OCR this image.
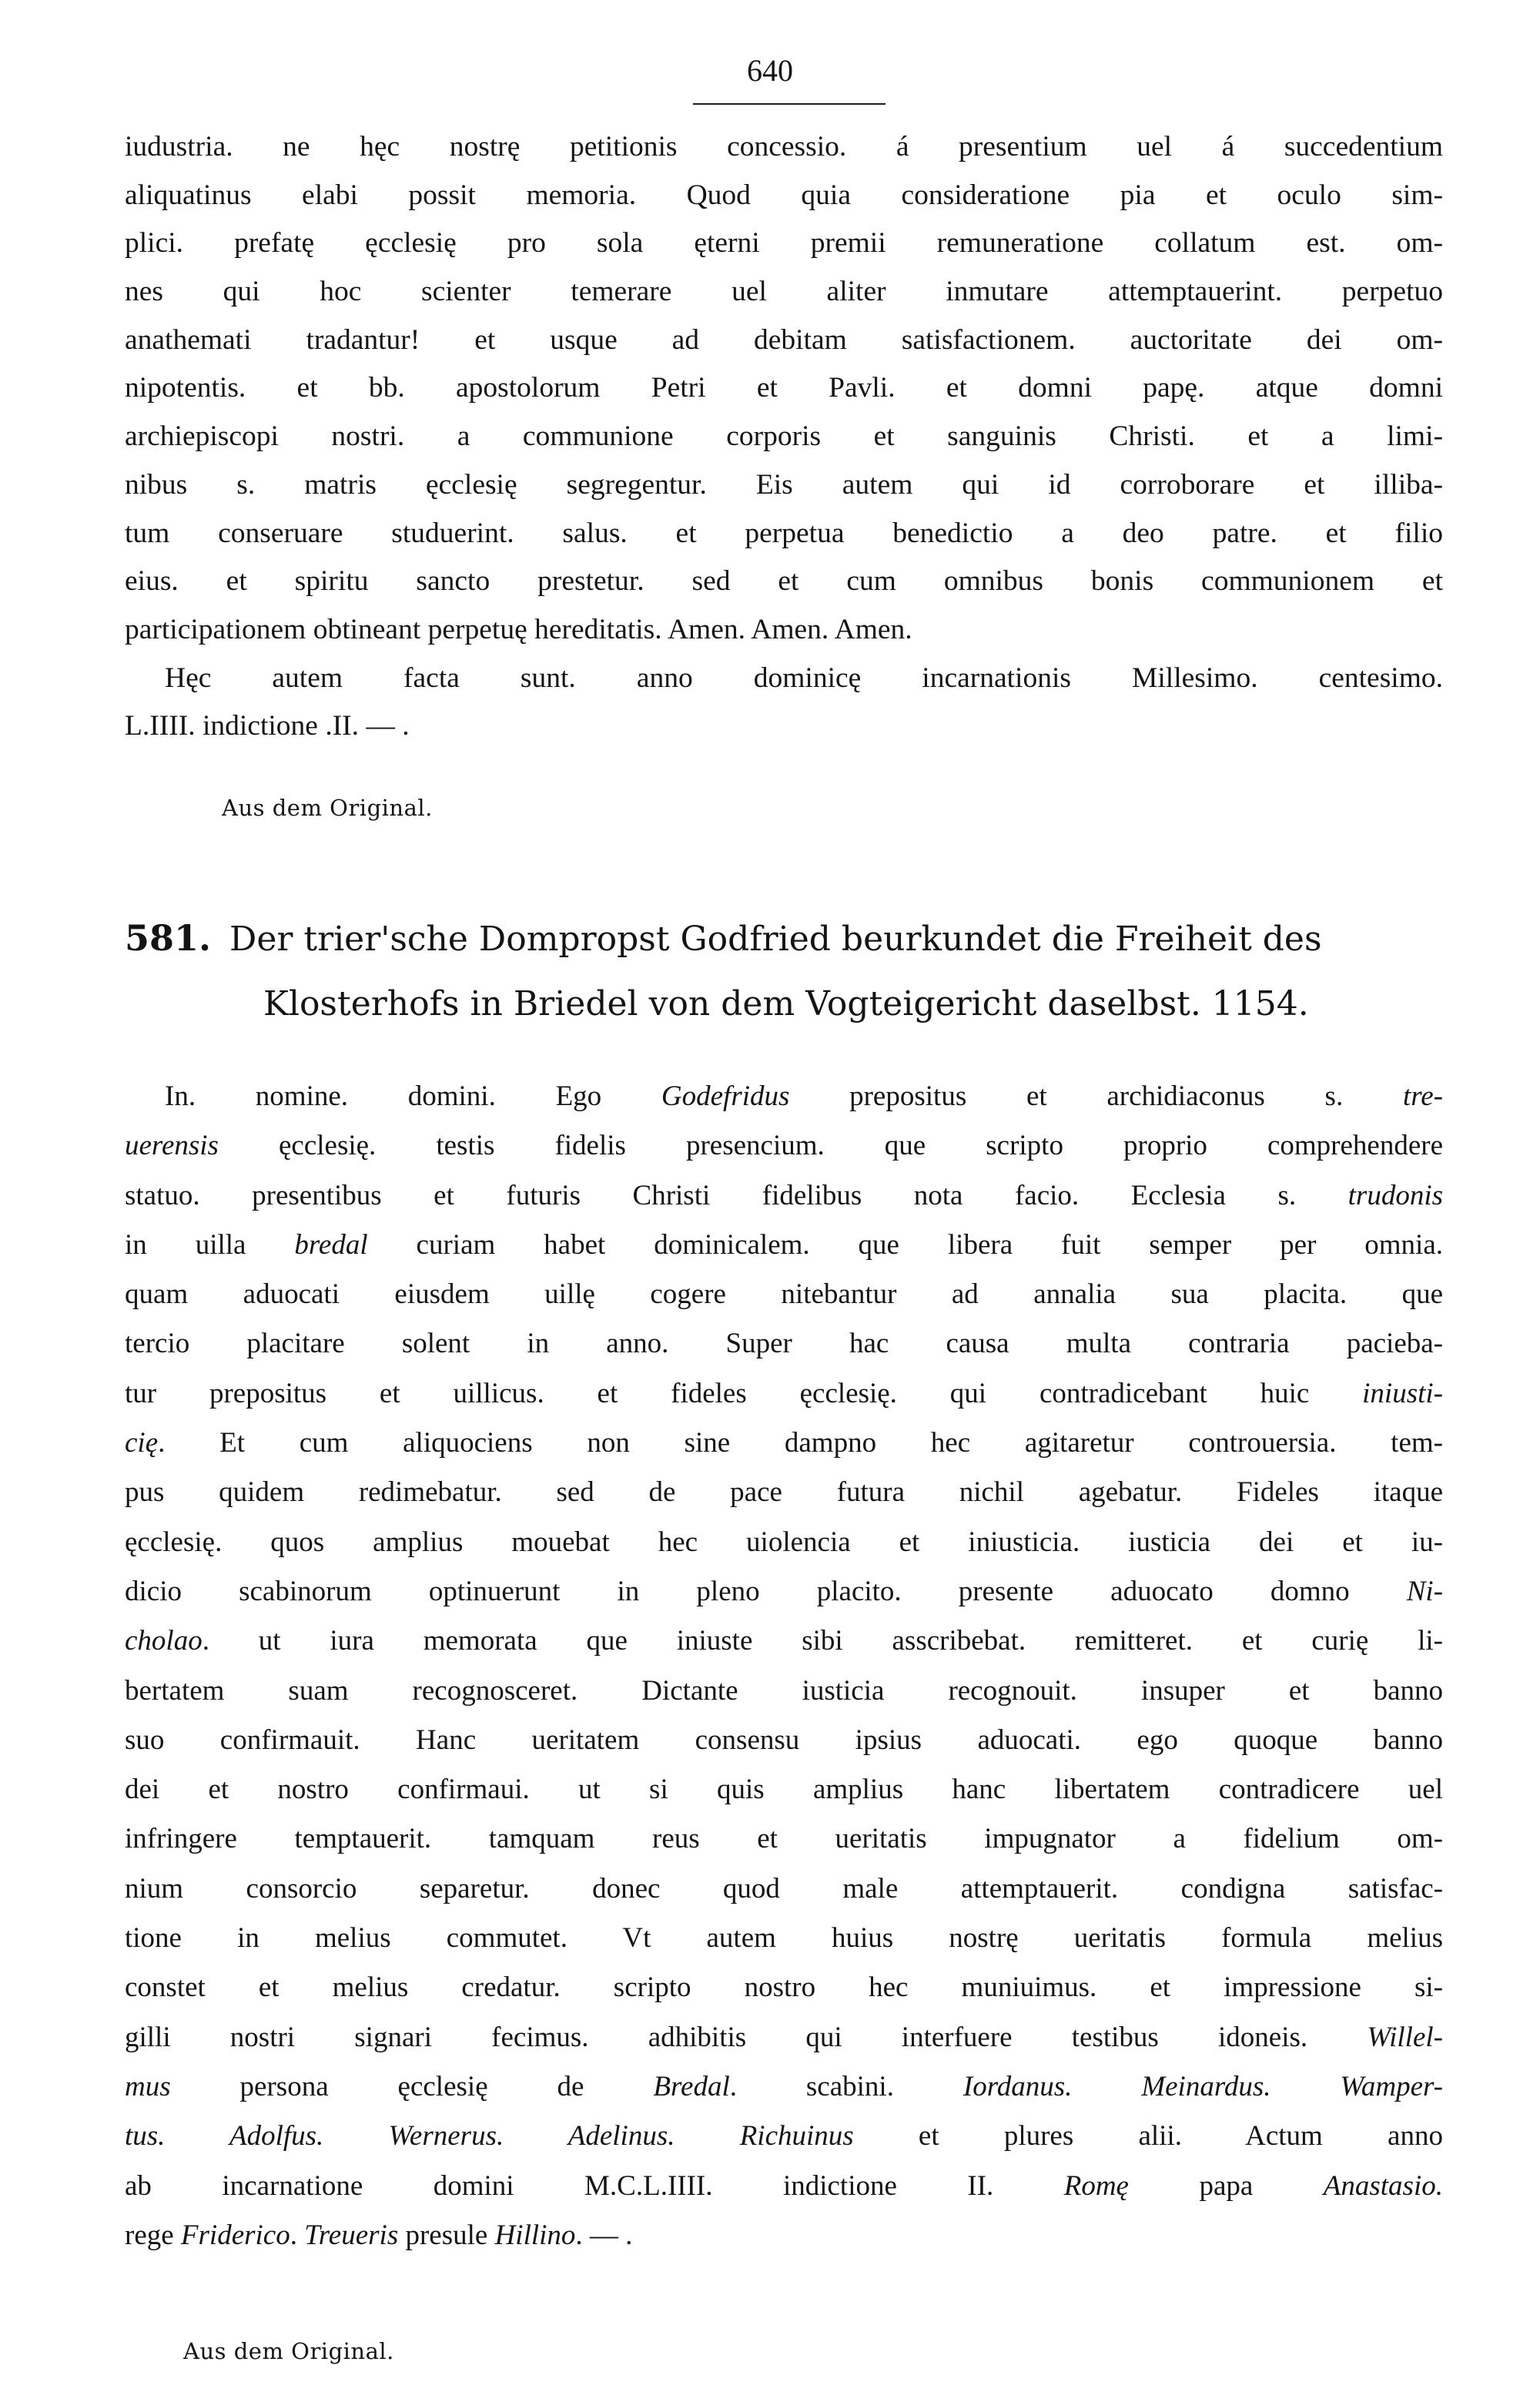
640
iudustria. ne hęc nostrę petitionis concessio. á presentium uel á succedentium
aliquatinus elabi possit memoria. Quod quia consideratione pia et oculo sim-
plici. prefatę ęcclesię pro sola ęterni premii remuneratione collatum est. om-
nes qui hoc scienter temerare uel aliter inmutare attemptauerint. perpetuo
anathemati tradantur! et usque ad debitam satisfactionem. auctoritate dei om-
nipotentis. et bb. apostolorum Petri et Pavli. et domni papę. atque domni
archiepiscopi nostri. a communione corporis et sanguinis Christi. et a limi-
nibus s. matris ęcclesię segregentur. Eis autem qui id corroborare et illiba-
tum conseruare studuerint. salus. et perpetua benedictio a deo patre. et filio
eius. et spiritu sancto prestetur. sed et cum omnibus bonis communionem et
participationem obtineant perpetuę hereditatis. Amen. Amen. Amen.
Hęc autem facta sunt. anno dominicę incarnationis Millesimo. centesimo.
L.IIII. indictione .II. — .
Aus dem Original.
581. Der trier'sche Dompropst Godfried beurkundet die Freiheit des
Klosterhofs in Briedel von dem Vogteigericht daselbst. 1154.
In. nomine. domini. Ego Godefridus prepositus et archidiaconus s. tre-
uerensis ęcclesię. testis fidelis presencium. que scripto proprio comprehendere
statuo. presentibus et futuris Christi fidelibus nota facio. Ecclesia s. trudonis
in uilla bredal curiam habet dominicalem. que libera fuit semper per omnia.
quam aduocati eiusdem uillę cogere nitebantur ad annalia sua placita. que
tercio placitare solent in anno. Super hac causa multa contraria paciebа-
tur prepositus et uillicus. et fideles ęcclesię. qui contradicebant huic iniusti-
cię. Et cum aliquociens non sine dampno hec agitaretur controuersia. tem-
pus quidem redimebatur. sed de pace futura nichil agebatur. Fideles itaque
ęcclesię. quos amplius mouebat hec uiolencia et iniusticia. iusticia dei et iu-
dicio scabinorum optinuerunt in pleno placito. presente aduocato domno Ni-
cholao. ut iura memorata que iniuste sibi asscribebat. remitteret. et curię li-
bertatem suam recognosceret. Dictante iusticia recognouit. insuper et banno
suo confirmauit. Hanc ueritatem consensu ipsius aduocati. ego quoque banno
dei et nostro confirmaui. ut si quis amplius hanc libertatem contradicere uel
infringere temptauerit. tamquam reus et ueritatis impugnator a fidelium om-
nium consorcio separetur. donec quod male attemptauerit. condigna satisfac-
tione in melius commutet. Vt autem huius nostrę ueritatis formula melius
constet et melius credatur. scripto nostro hec muniuimus. et impressione si-
gilli nostri signari fecimus. adhibitis qui interfuere testibus idoneis. Willel-
mus persona ęcclesię de Bredal. scabini. Iordanus. Meinardus. Wamper-
tus. Adolfus. Wernerus. Adelinus. Richuinus et plures alii. Actum anno
ab incarnatione domini M.C.L.IIII. indictione II. Romę papa Anastasio.
rege Friderico. Treueris presule Hillino. — .
Aus dem Original.
